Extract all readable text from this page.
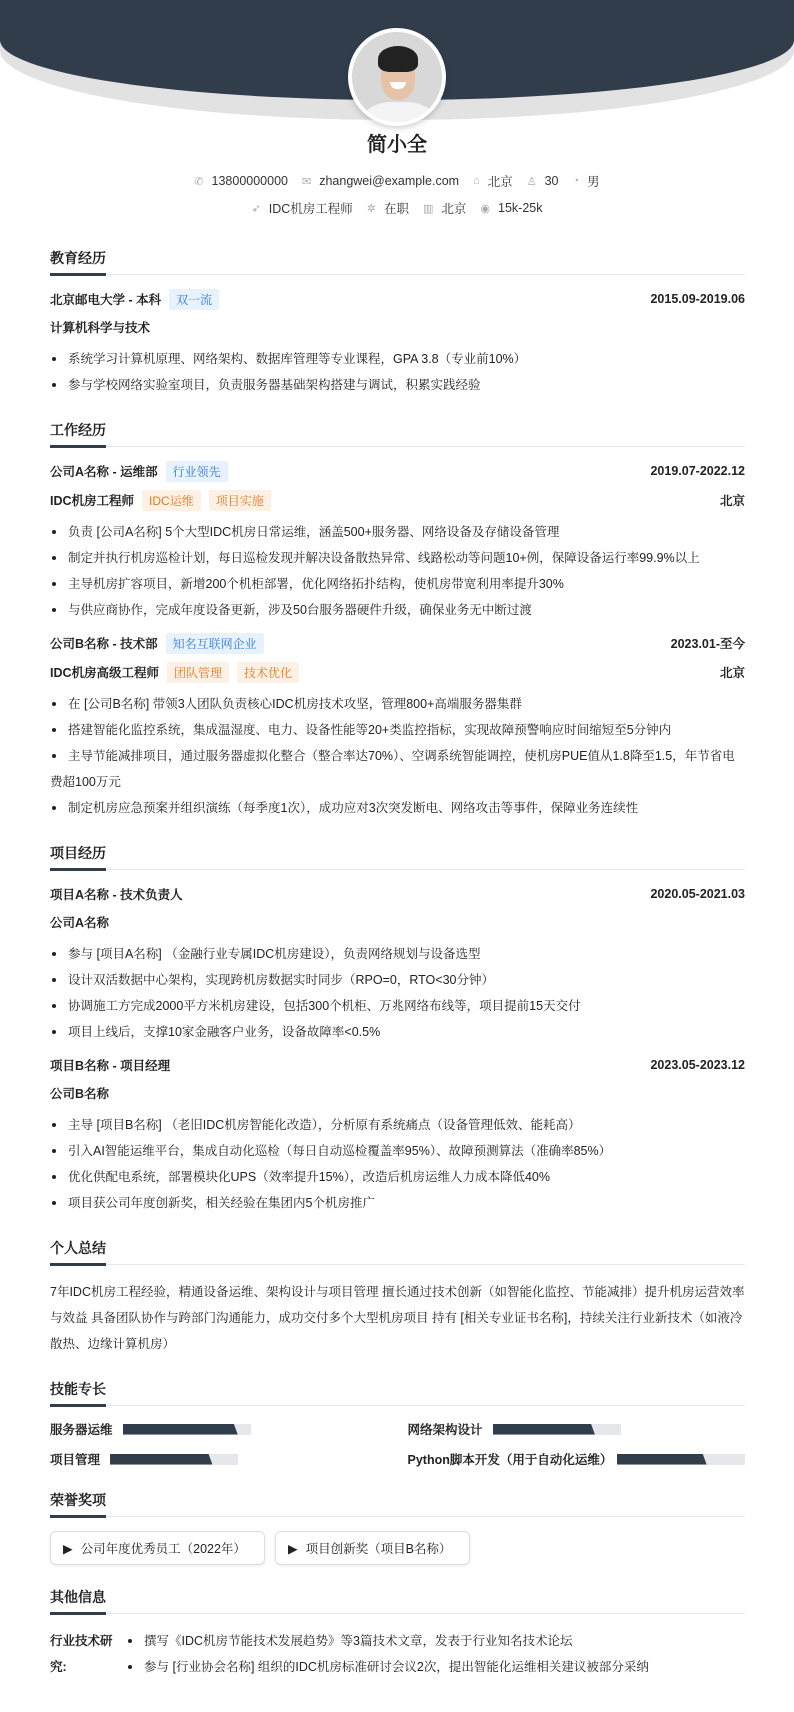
简小全
✆ 13800000000 ✉ zhangwei@example.com ⌂ 北京 ♙ 30 ◔ 男
➶ IDC机房工程师 ✲ 在职 ▥ 北京 ◉ 15k-25k
教育经历
北京邮电大学 - 本科	双一流	2015.09-2019.06
计算机科学与技术
系统学习计算机原理、网络架构、数据库管理等专业课程，GPA 3.8（专业前10%）
参与学校网络实验室项目，负责服务器基础架构搭建与调试，积累实践经验
工作经历
公司A名称 - 运维部	行业领先	2019.07-2022.12
IDC机房工程师	IDC运维	项目实施	北京
负责 [公司A名称] 5个大型IDC机房日常运维，涵盖500+服务器、网络设备及存储设备管理
制定并执行机房巡检计划，每日巡检发现并解决设备散热异常、线路松动等问题10+例，保障设备运行率99.9%以上
主导机房扩容项目，新增200个机柜部署，优化网络拓扑结构，使机房带宽利用率提升30%
与供应商协作，完成年度设备更新，涉及50台服务器硬件升级，确保业务无中断过渡
公司B名称 - 技术部	知名互联网企业	2023.01-至今
IDC机房高级工程师	团队管理	技术优化	北京
在 [公司B名称] 带领3人团队负责核心IDC机房技术攻坚，管理800+高端服务器集群
搭建智能化监控系统，集成温湿度、电力、设备性能等20+类监控指标，实现故障预警响应时间缩短至5分钟内
主导节能减排项目，通过服务器虚拟化整合（整合率达70%）、空调系统智能调控，使机房PUE值从1.8降至1.5，年节省电费超100万元
制定机房应急预案并组织演练（每季度1次），成功应对3次突发断电、网络攻击等事件，保障业务连续性
项目经历
项目A名称 - 技术负责人	2020.05-2021.03
公司A名称
参与 [项目A名称] （金融行业专属IDC机房建设），负责网络规划与设备选型
设计双活数据中心架构，实现跨机房数据实时同步（RPO=0，RTO<30分钟）
协调施工方完成2000平方米机房建设，包括300个机柜、万兆网络布线等，项目提前15天交付
项目上线后，支撑10家金融客户业务，设备故障率<0.5%
项目B名称 - 项目经理	2023.05-2023.12
公司B名称
主导 [项目B名称] （老旧IDC机房智能化改造），分析原有系统痛点（设备管理低效、能耗高）
引入AI智能运维平台，集成自动化巡检（每日自动巡检覆盖率95%）、故障预测算法（准确率85%）
优化供配电系统，部署模块化UPS（效率提升15%），改造后机房运维人力成本降低40%
项目获公司年度创新奖，相关经验在集团内5个机房推广
个人总结

7年IDC机房工程经验，精通设备运维、架构设计与项目管理 擅长通过技术创新（如智能化监控、节能减排）提升机房运营效率与效益 具备团队协作与跨部门沟通能力，成功交付多个大型机房项目 持有 [相关专业证书名称]，持续关注行业新技术（如液冷散热、边缘计算机房）

技能专长
服务器运维	网络架构设计
项目管理	Python脚本开发（用于自动化运维）
荣誉奖项
▶ 公司年度优秀员工（2022年）	▶ 项目创新奖（项目B名称）
其他信息
行业技术研究:
撰写《IDC机房节能技术发展趋势》等3篇技术文章，发表于行业知名技术论坛
参与 [行业协会名称] 组织的IDC机房标准研讨会议2次，提出智能化运维相关建议被部分采纳
